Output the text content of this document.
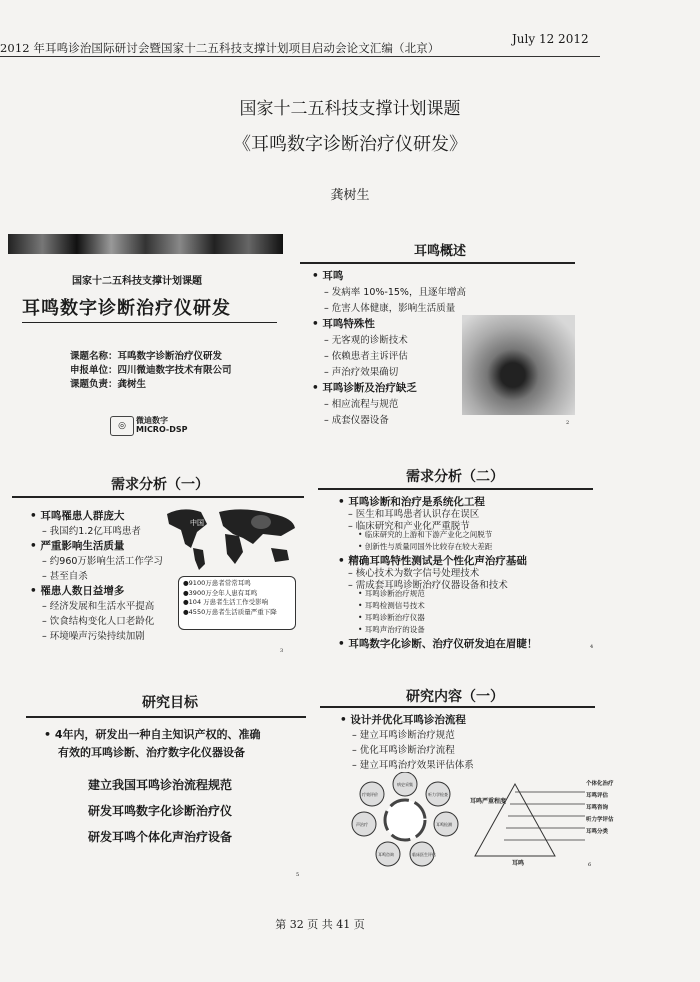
2012 年耳鸣诊治国际研讨会暨国家十二五科技支撑计划项目启动会论文汇编（北京）
July 12 2012
国家十二五科技支撑计划课题
《耳鸣数字诊断治疗仪研发》
龚树生
国家十二五科技支撑计划课题
耳鸣数字诊断治疗仪研发
课题名称：耳鸣数字诊断治疗仪研发
申报单位：四川微迪数字技术有限公司
课题负责：龚树生
◎
微迪数字
MICRO-DSP
耳鸣概述
• 耳鸣
– 发病率 10%-15%，且逐年增高
– 危害人体健康，影响生活质量
• 耳鸣特殊性
– 无客观的诊断技术
– 依赖患者主诉评估
– 声治疗效果确切
• 耳鸣诊断及治疗缺乏
– 相应流程与规范
– 成套仪器设备	2
需求分析（一）
• 耳鸣罹患人群庞大
– 我国约1.2亿耳鸣患者
• 严重影响生活质量
– 约960万影响生活工作学习
– 甚至自杀
• 罹患人数日益增多
– 经济发展和生活水平提高
– 饮食结构变化人口老龄化
– 环境噪声污染持续加剧
中国
●9100万患者常常耳鸣
●3900万全年人患有耳鸣
●104 万患者生活工作受影响
●4550万患者生活质量严重下降
3
需求分析（二）
• 耳鸣诊断和治疗是系统化工程
– 医生和耳鸣患者认识存在误区
– 临床研究和产业化严重脱节
• 临床研究的上游和下游产业化之间脱节
• 创新性与质量同国外比较存在较大差距
• 精确耳鸣特性测试是个性化声治疗基础
– 核心技术为数字信号处理技术
– 需成套耳鸣诊断治疗仪器设备和技术
• 耳鸣诊断治疗规范
• 耳鸣检测信号技术
• 耳鸣诊断治疗仪器
• 耳鸣声治疗的设备
• 耳鸣数字化诊断、治疗仪研发迫在眉睫！	4
研究目标
• 4年内，研发出一种自主知识产权的、准确
有效的耳鸣诊断、治疗数字化仪器设备
建立我国耳鸣诊治流程规范
研发耳鸣数字化诊断治疗仪
研发耳鸣个体化声治疗设备
5
研究内容（一）
• 设计并优化耳鸣诊治流程
– 建立耳鸣诊断治疗规范
– 优化耳鸣诊断治疗流程
– 建立耳鸣治疗效果评估体系
病史采集
听力学检查
耳鸣检测
临床医生评估
耳鸣咨询
声治疗
疗效评价
耳鸣严重程度
耳鸣
个体化治疗
耳鸣评估
耳鸣咨询
听力学评估
耳鸣分类
6
第 32 页 共 41 页
